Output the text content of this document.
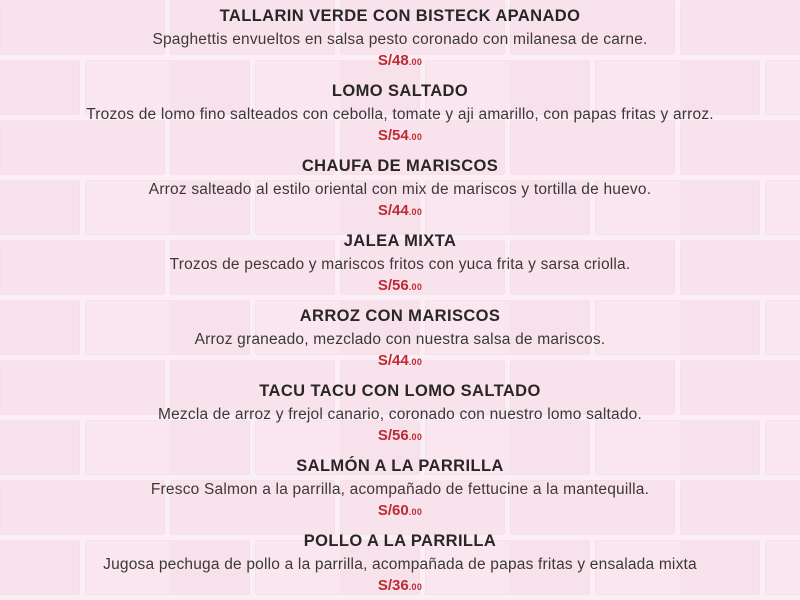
TALLARIN VERDE CON BISTECK APANADO

Spaghettis envueltos en salsa pesto coronado con milanesa de carne.

S/48.00

LOMO SALTADO

Trozos de lomo fino salteados con cebolla, tomate y aji amarillo, con papas fritas y arroz.

S/54.00

CHAUFA DE MARISCOS

Arroz salteado al estilo oriental con mix de mariscos y tortilla de huevo.

S/44.00

JALEA MIXTA

Trozos de pescado y mariscos fritos con yuca frita y sarsa criolla.

S/56.00

ARROZ CON MARISCOS

Arroz graneado, mezclado con nuestra salsa de mariscos.

S/44.00

TACU TACU CON LOMO SALTADO

Mezcla de arroz y frejol canario, coronado con nuestro lomo saltado.

S/56.00

SALMÓN A LA PARRILLA

Fresco Salmon a la parrilla, acompañado de fettucine a la mantequilla.

S/60.00

POLLO A LA PARRILLA

Jugosa pechuga de pollo a la parrilla, acompañada de papas fritas y ensalada mixta

S/36.00
